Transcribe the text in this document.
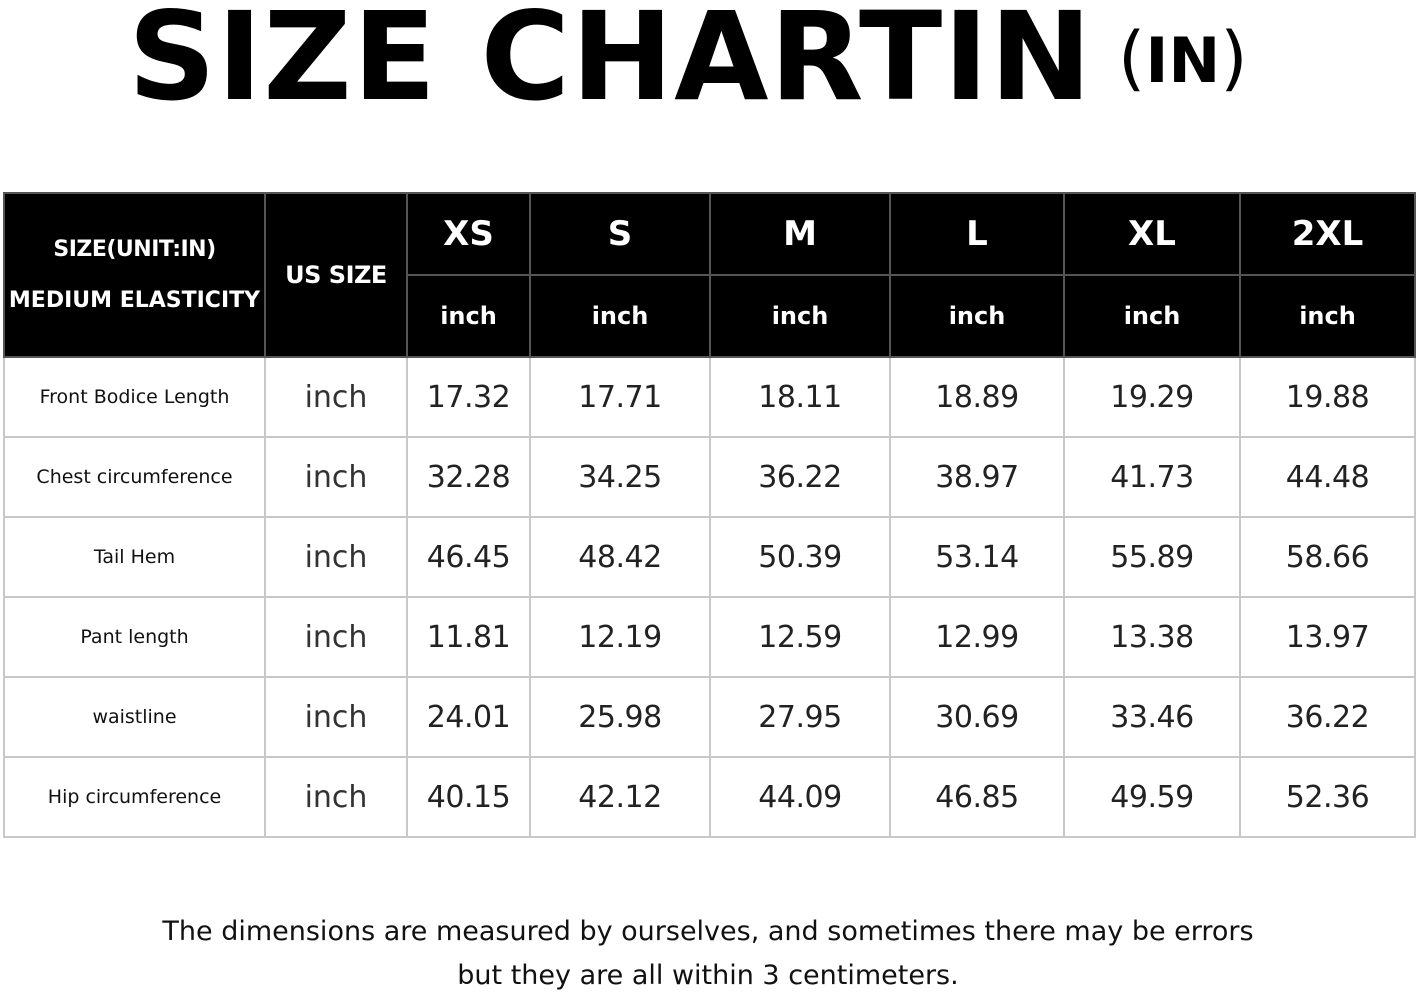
SIZE CHARTIN (IN)
SIZE(UNIT:IN)
MEDIUM ELASTICITY	US SIZE	XS	S	M	L	XL	2XL
		inch	inch	inch	inch	inch	inch
Front Bodice Length	inch	17.32	17.71	18.11	18.89	19.29	19.88
Chest circumference	inch	32.28	34.25	36.22	38.97	41.73	44.48
Tail Hem	inch	46.45	48.42	50.39	53.14	55.89	58.66
Pant length	inch	11.81	12.19	12.59	12.99	13.38	13.97
waistline	inch	24.01	25.98	27.95	30.69	33.46	36.22
Hip circumference	inch	40.15	42.12	44.09	46.85	49.59	52.36
The dimensions are measured by ourselves, and sometimes there may be errors
but they are all within 3 centimeters.
